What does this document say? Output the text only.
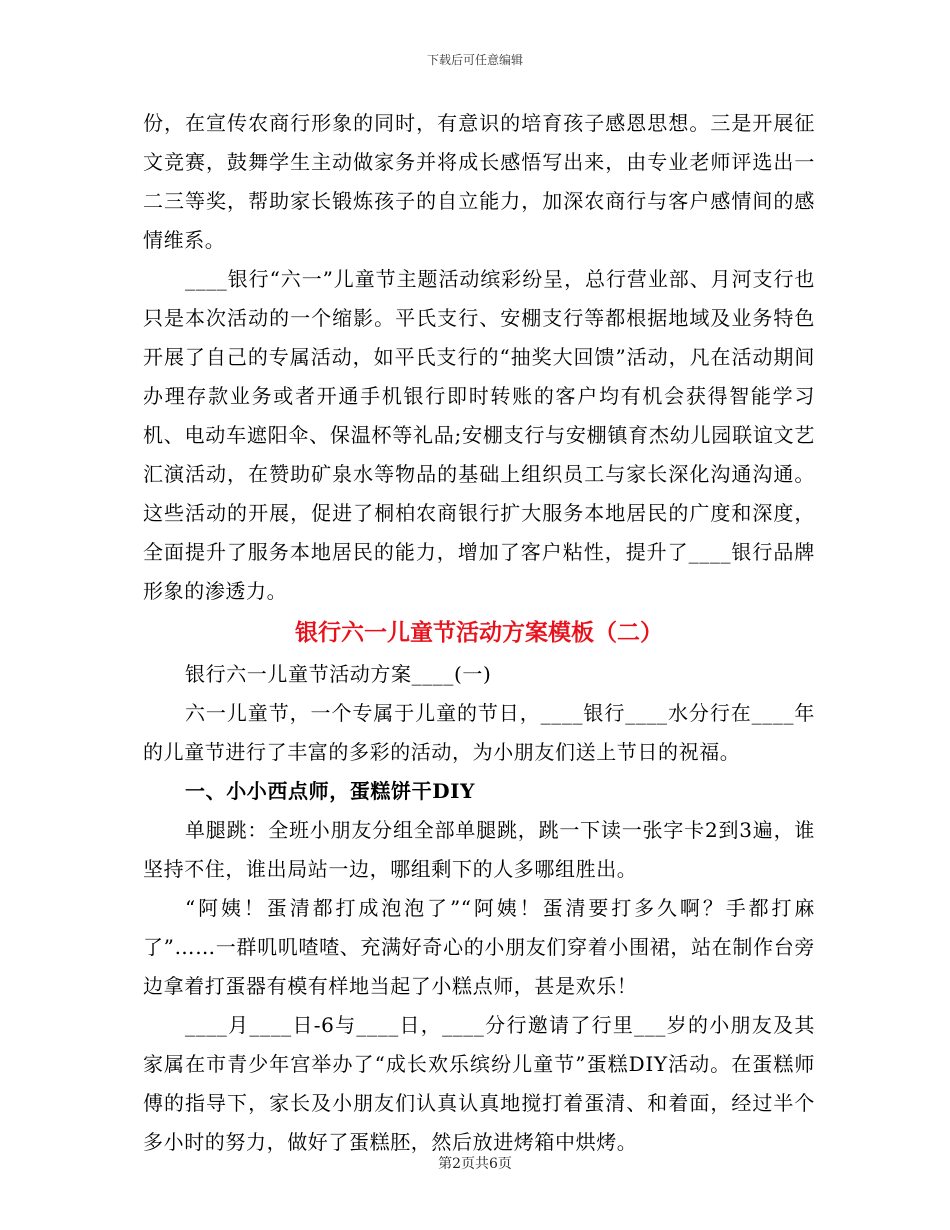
下载后可任意编辑

份，在宣传农商行形象的同时，有意识的培育孩子感恩思想。三是开展征文竞赛，鼓舞学生主动做家务并将成长感悟写出来，由专业老师评选出一二三等奖，帮助家长锻炼孩子的自立能力，加深农商行与客户感情间的感情维系。

____银行“六一”儿童节主题活动缤彩纷呈，总行营业部、月河支行也只是本次活动的一个缩影。平氏支行、安棚支行等都根据地域及业务特色开展了自己的专属活动，如平氏支行的“抽奖大回馈”活动，凡在活动期间办理存款业务或者开通手机银行即时转账的客户均有机会获得智能学习机、电动车遮阳伞、保温杯等礼品;安棚支行与安棚镇育杰幼儿园联谊文艺汇演活动，在赞助矿泉水等物品的基础上组织员工与家长深化沟通沟通。这些活动的开展，促进了桐柏农商银行扩大服务本地居民的广度和深度，全面提升了服务本地居民的能力，增加了客户粘性，提升了____银行品牌形象的渗透力。

银行六一儿童节活动方案模板（二）

银行六一儿童节活动方案____(一)

六一儿童节，一个专属于儿童的节日，____银行____水分行在____年的儿童节进行了丰富的多彩的活动，为小朋友们送上节日的祝福。

一、小小西点师，蛋糕饼干DIY

单腿跳：全班小朋友分组全部单腿跳，跳一下读一张字卡2到3遍，谁坚持不住，谁出局站一边，哪组剩下的人多哪组胜出。

“阿姨！蛋清都打成泡泡了”“阿姨！蛋清要打多久啊？手都打麻了”……一群叽叽喳喳、充满好奇心的小朋友们穿着小围裙，站在制作台旁边拿着打蛋器有模有样地当起了小糕点师，甚是欢乐！

____月____日-6与____日，____分行邀请了行里___岁的小朋友及其家属在市青少年宫举办了“成长欢乐缤纷儿童节”蛋糕DIY活动。在蛋糕师傅的指导下，家长及小朋友们认真认真地搅打着蛋清、和着面，经过半个多小时的努力，做好了蛋糕胚，然后放进烤箱中烘烤。

第2页共6页
